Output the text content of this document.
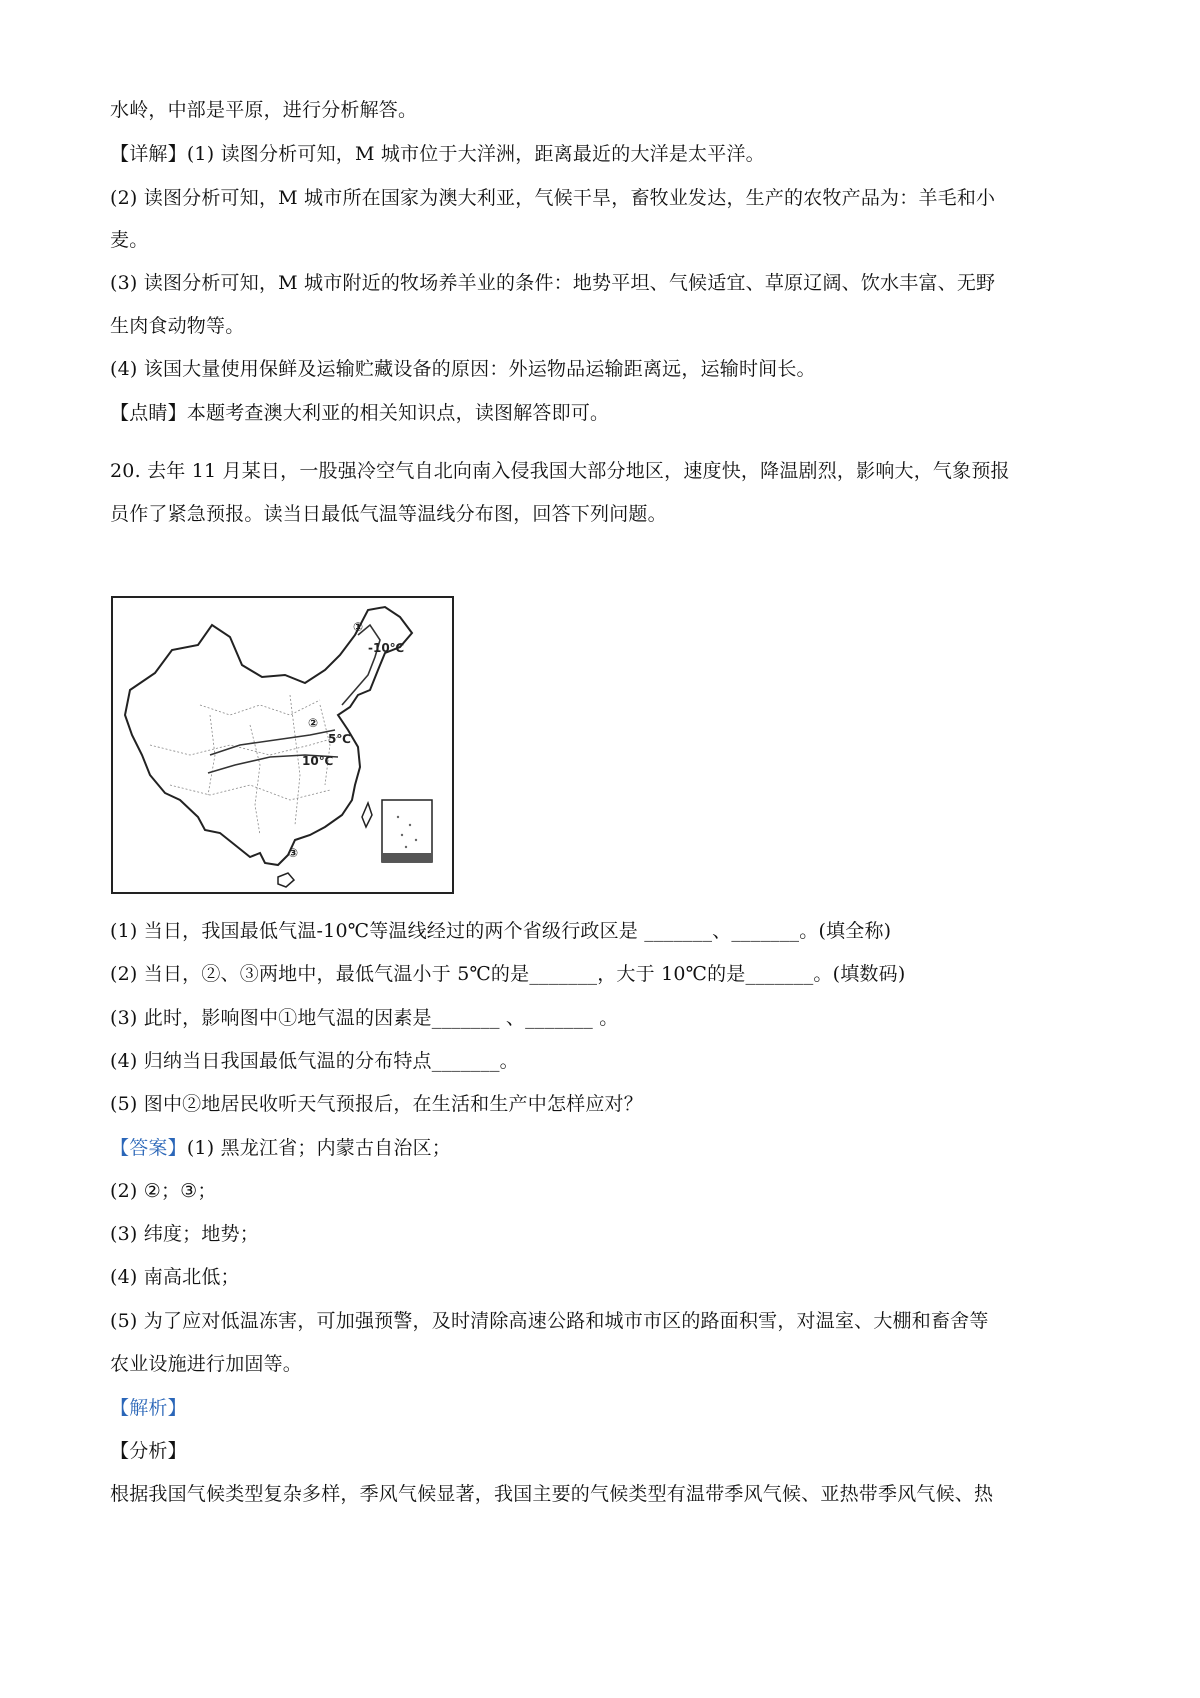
水岭，中部是平原，进行分析解答。
【详解】(1) 读图分析可知，M 城市位于大洋洲，距离最近的大洋是太平洋。
(2) 读图分析可知，M 城市所在国家为澳大利亚，气候干旱，畜牧业发达，生产的农牧产品为：羊毛和小
麦。
(3) 读图分析可知，M 城市附近的牧场养羊业的条件：地势平坦、气候适宜、草原辽阔、饮水丰富、无野
生肉食动物等。
(4) 该国大量使用保鲜及运输贮藏设备的原因：外运物品运输距离远，运输时间长。
【点睛】本题考查澳大利亚的相关知识点，读图解答即可。
20. 去年 11 月某日，一股强冷空气自北向南入侵我国大部分地区，速度快，降温剧烈，影响大，气象预报
员作了紧急预报。读当日最低气温等温线分布图，回答下列问题。
①
-10℃
②
5℃
10℃
③
(1) 当日，我国最低气温-10℃等温线经过的两个省级行政区是 _______、_______。(填全称)
(2) 当日，②、③两地中，最低气温小于 5℃的是_______，大于 10℃的是_______。(填数码)
(3) 此时，影响图中①地气温的因素是_______ 、_______ 。
(4) 归纳当日我国最低气温的分布特点_______。
(5) 图中②地居民收听天气预报后，在生活和生产中怎样应对？
【答案】(1) 黑龙江省；内蒙古自治区；
(2) ②；③；
(3) 纬度；地势；
(4) 南高北低；
(5) 为了应对低温冻害，可加强预警，及时清除高速公路和城市市区的路面积雪，对温室、大棚和畜舍等
农业设施进行加固等。
【解析】
【分析】
根据我国气候类型复杂多样，季风气候显著，我国主要的气候类型有温带季风气候、亚热带季风气候、热
